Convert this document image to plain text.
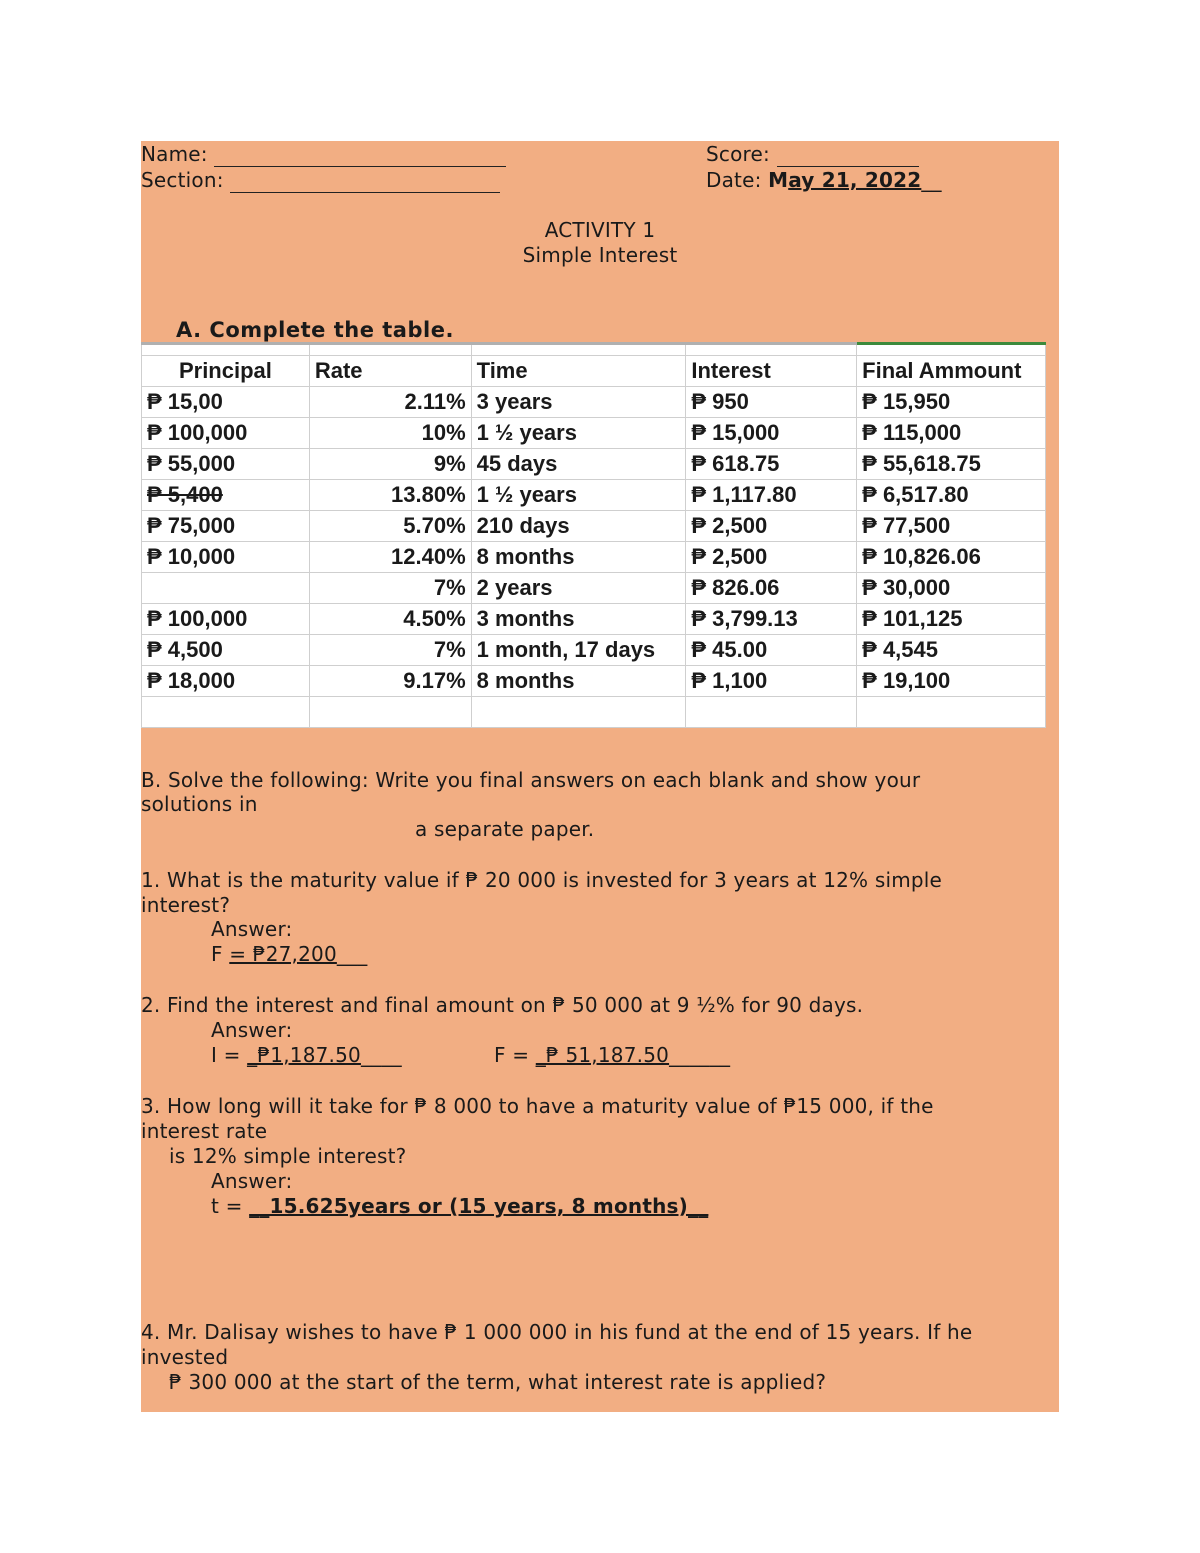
Name:
Section:
Score:
Date: May 21, 2022__
ACTIVITY 1
Simple Interest
A. Complete the table.

Principal	Rate	Time	Interest	Final Ammount
₱ 15,00	2.11%	3 years	₱ 950	₱ 15,950
₱ 100,000	10%	1 ½ years	₱ 15,000	₱ 115,000
₱ 55,000	9%	45 days	₱ 618.75	₱ 55,618.75
₱ 5,400	13.80%	1 ½ years	₱ 1,117.80	₱ 6,517.80
₱ 75,000	5.70%	210 days	₱ 2,500	₱ 77,500
₱ 10,000	12.40%	8 months	₱ 2,500	₱ 10,826.06
	7%	2 years	₱ 826.06	₱ 30,000
₱ 100,000	4.50%	3 months	₱ 3,799.13	₱ 101,125
₱ 4,500	7%	1 month, 17 days	₱ 45.00	₱ 4,545
₱ 18,000	9.17%	8 months	₱ 1,100	₱ 19,100

B. Solve the following: Write you final answers on each blank and show your
solutions in
a separate paper.
1. What is the maturity value if ₱ 20 000 is invested for 3 years at 12% simple
interest?
Answer:
F = ₱27,200___
2. Find the interest and final amount on ₱ 50 000 at 9 ½% for 90 days.
Answer:
I = _₱1,187.50____	F = _₱ 51,187.50______
3. How long will it take for ₱ 8 000 to have a maturity value of ₱15 000, if the
interest rate
is 12% simple interest?
Answer:
t = __15.625years or (15 years, 8 months)__
4. Mr. Dalisay wishes to have ₱ 1 000 000 in his fund at the end of 15 years. If he
invested
₱ 300 000 at the start of the term, what interest rate is applied?
